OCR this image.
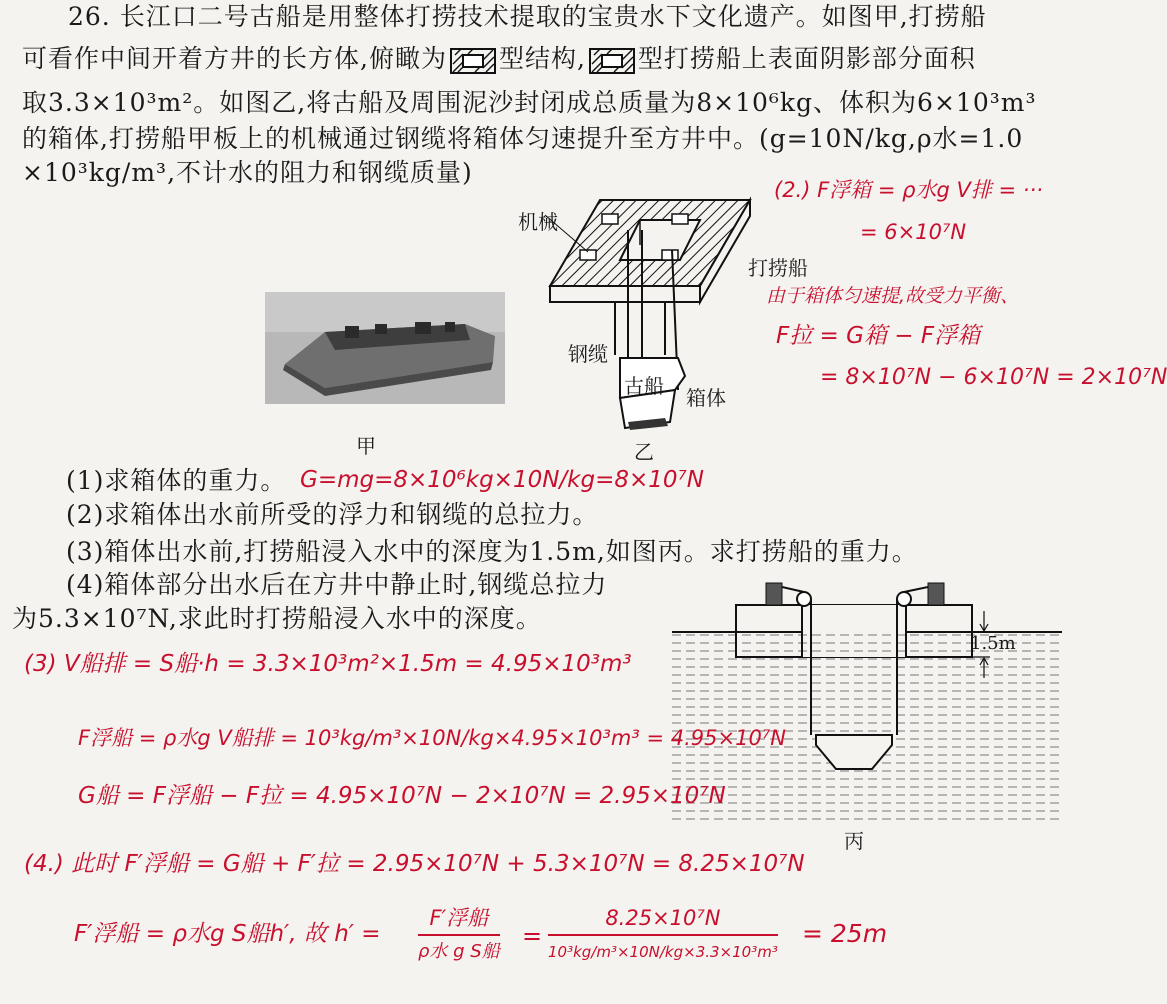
26. 长江口二号古船是用整体打捞技术提取的宝贵水下文化遗产。如图甲,打捞船
可看作中间开着方井的长方体,俯瞰为 型结构, 型打捞船上表面阴影部分面积
取3.3×10³m²。如图乙,将古船及周围泥沙封闭成总质量为8×10⁶kg、体积为6×10³m³
的箱体,打捞船甲板上的机械通过钢缆将箱体匀速提升至方井中。(g=10N/kg,ρ水=1.0
×10³kg/m³,不计水的阻力和钢缆质量)
甲
机械
打捞船
钢缆
古船 箱体
乙
(1)求箱体的重力。
(2)求箱体出水前所受的浮力和钢缆的总拉力。
(3)箱体出水前,打捞船浸入水中的深度为1.5m,如图丙。求打捞船的重力。
(4)箱体部分出水后在方井中静止时,钢缆总拉力
为5.3×10⁷N,求此时打捞船浸入水中的深度。
1.5m
丙
G=mg=8×10⁶kg×10N/kg=8×10⁷N
(2.) F浮箱 = ρ水g V排 = ···
= 6×10⁷N
由于箱体匀速提,故受力平衡、
F拉 = G箱 − F浮箱
= 8×10⁷N − 6×10⁷N = 2×10⁷N
(3) V船排 = S船·h = 3.3×10³m²×1.5m = 4.95×10³m³
F浮船 = ρ水g V船排 = 10³kg/m³×10N/kg×4.95×10³m³ = 4.95×10⁷N
G船 = F浮船 − F拉 = 4.95×10⁷N − 2×10⁷N = 2.95×10⁷N
(4.) 此时 F′浮船 = G船 + F′拉 = 2.95×10⁷N + 5.3×10⁷N = 8.25×10⁷N
F′浮船 = ρ水g S船h′, 故 h′ =
F′浮船
ρ水 g S船
=
8.25×10⁷N
10³kg/m³×10N/kg×3.3×10³m³
= 25m
